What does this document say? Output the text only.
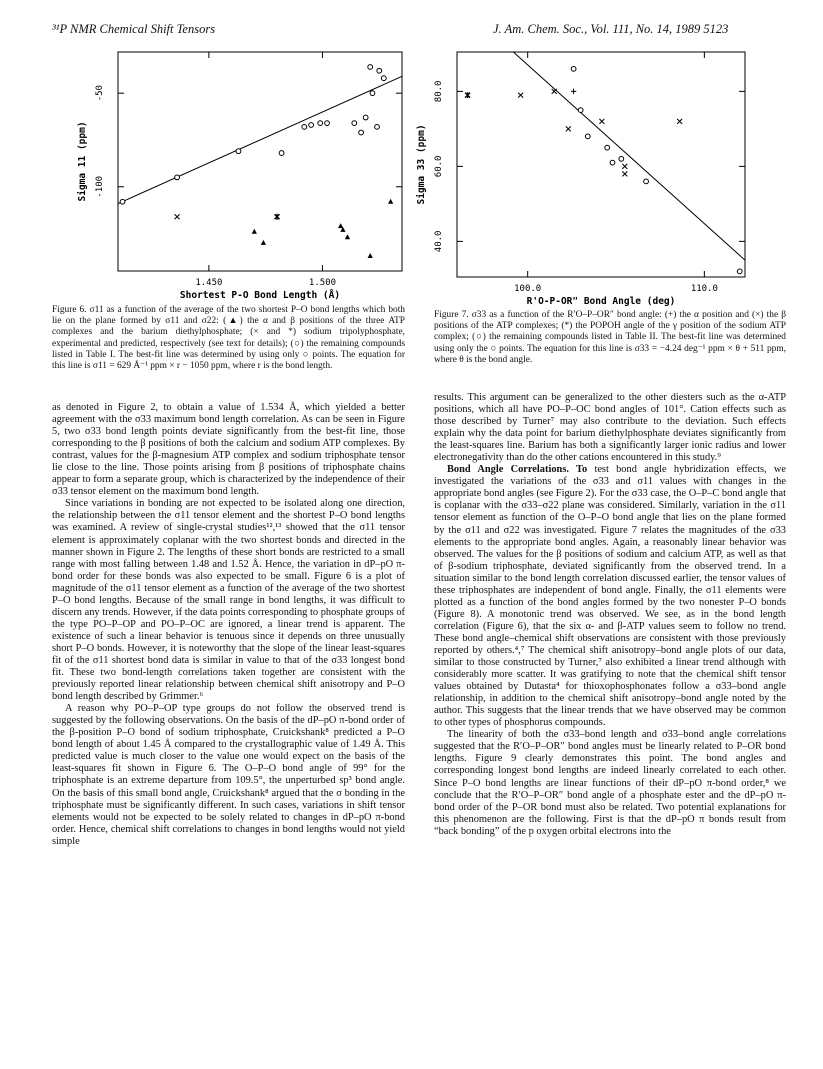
³¹P NMR Chemical Shift Tensors	J. Am. Chem. Soc., Vol. 111, No. 14, 1989 5123
1.450	1.500
-50
-100
Shortest P-O Bond Length (Å)
Sigma 11 (ppm)
100.0	110.0
80.0
60.0
40.0
R'O-P-OR" Bond Angle (deg)
Sigma 33 (ppm)
Figure 6. σ11 as a function of the average of the two shortest P–O bond lengths which both lie on the plane formed by σ11 and σ22: (▲) the α and β positions of the three ATP complexes and the barium diethylphosphate; (× and *) sodium tripolyphosphate, experimental and predicted, respectively (see text for details); (○) the remaining compounds listed in Table I. The best-fit line was determined by using only ○ points. The equation for this line is σ11 = 629 Å⁻¹ ppm × r − 1050 ppm, where r is the bond length.
Figure 7. σ33 as a function of the R′O–P–OR″ bond angle: (+) the α position and (×) the β positions of the ATP complexes; (*) the POPOH angle of the γ position of the sodium ATP complex; (○) the remaining compounds listed in Table II. The best-fit line was determined using only the ○ points. The equation for this line is σ33 = −4.24 deg⁻¹ ppm × θ + 511 ppm, where θ is the bond angle.

as denoted in Figure 2, to obtain a value of 1.534 Å, which yielded a better agreement with the σ33 maximum bond length correlation. As can be seen in Figure 5, two σ33 bond length points deviate significantly from the best-fit line, those corresponding to the β positions of both the calcium and sodium ATP complexes. By contrast, values for the β-magnesium ATP complex and sodium triphosphate tensor lie close to the line. Those points arising from β positions of triphosphate chains appear to form a separate group, which is characterized by the independence of their σ33 tensor element on the maximum bond length.

Since variations in bonding are not expected to be isolated along one direction, the relationship between the σ11 tensor element and the shortest P–O bond lengths was examined. A review of single-crystal studies¹²,¹³ showed that the σ11 tensor element is approximately coplanar with the two shortest bonds and directed in the manner shown in Figure 2. The lengths of these short bonds are restricted to a small range with most falling between 1.48 and 1.52 Å. Hence, the variation in dP–pO π-bond order for these bonds was also expected to be small. Figure 6 is a plot of magnitude of the σ11 tensor element as a function of the average of the two shortest P–O bond lengths. Because of the small range in bond lengths, it was difficult to discern any trends. However, if the data points corresponding to phosphate groups of the type PO–P–OP and PO–P–OC are ignored, a linear trend is apparent. The existence of such a linear behavior is tenuous since it depends on three unusually short P–O bonds. However, it is noteworthy that the slope of the linear least-squares fit of the σ11 shortest bond data is similar in value to that of the σ33 longest bond fit. These two bond-length correlations taken together are consistent with the previously reported linear relationship between chemical shift anisotropy and P–O bond length described by Grimmer.⁶

A reason why PO–P–OP type groups do not follow the observed trend is suggested by the following observations. On the basis of the dP–pO π-bond order of the β-position P–O bond of sodium triphosphate, Cruickshank⁸ predicted a P–O bond length of about 1.45 Å compared to the crystallographic value of 1.49 Å. This predicted value is much closer to the value one would expect on the basis of the least-squares fit shown in Figure 6. The O–P–O bond angle of 99° for the triphosphate is an extreme departure from 109.5°, the unperturbed sp³ bond angle. On the basis of this small bond angle, Cruickshank⁸ argued that the σ bonding in the triphosphate must be significantly different. In such cases, variations in shift tensor elements would not be expected to be solely related to changes in dP–pO π-bond order. Hence, chemical shift correlations to changes in bond lengths would not yield simple

results. This argument can be generalized to the other diesters such as the α-ATP positions, which all have PO–P–OC bond angles of 101°. Cation effects such as those described by Turner⁷ may also contribute to the deviation. Such effects explain why the data point for barium diethylphosphate deviates significantly from the least-squares line. Barium has both a significantly larger ionic radius and lower electronegativity than do the other cations encountered in this study.⁹

Bond Angle Correlations. To test bond angle hybridization effects, we investigated the variations of the σ33 and σ11 values with changes in the appropriate bond angles (see Figure 2). For the σ33 case, the O–P–C bond angle that is coplanar with the σ33–σ22 plane was considered. Similarly, variation in the σ11 tensor element as function of the O–P–O bond angle that lies on the plane formed by the σ11 and σ22 was investigated. Figure 7 relates the magnitudes of the σ33 elements to the appropriate bond angles. Again, a reasonably linear behavior was observed. The values for the β positions of sodium and calcium ATP, as well as that of β-sodium triphosphate, deviated significantly from the observed trend. In a situation similar to the bond length correlation discussed earlier, the tensor values of these triphosphates are independent of bond angle. Finally, the σ11 elements were plotted as a function of the bond angles formed by the two nonester P–O bonds (Figure 8). A monotonic trend was observed. We see, as in the bond length correlation (Figure 6), that the six α- and β-ATP values seem to follow no trend. These bond angle–chemical shift observations are consistent with those previously reported by others.⁴,⁷ The chemical shift anisotropy–bond angle plots of our data, similar to those constructed by Turner,⁷ also exhibited a linear trend although with considerably more scatter. It was gratifying to note that the chemical shift tensor values obtained by Dutasta⁴ for thioxophosphonates follow a σ33–bond angle relationship, in addition to the chemical shift anisotropy–bond angle noted by the author. This suggests that the linear trends that we have observed may be common to other types of phosphorus compounds.

The linearity of both the σ33–bond length and σ33–bond angle correlations suggested that the R′O–P–OR″ bond angles must be linearly related to P–OR bond lengths. Figure 9 clearly demonstrates this point. The bond angles and corresponding longest bond lengths are indeed linearly correlated to each other. Since P–O bond lengths are linear functions of their dP–pO π-bond order,⁸ we conclude that the R′O–P–OR″ bond angle of a phosphate ester and the dP–pO π-bond order of the P–OR bond must also be related. Two potential explanations for this phenomenon are the following. First is that the dP–pO π bonds result from “back bonding” of the p oxygen orbital electrons into the
